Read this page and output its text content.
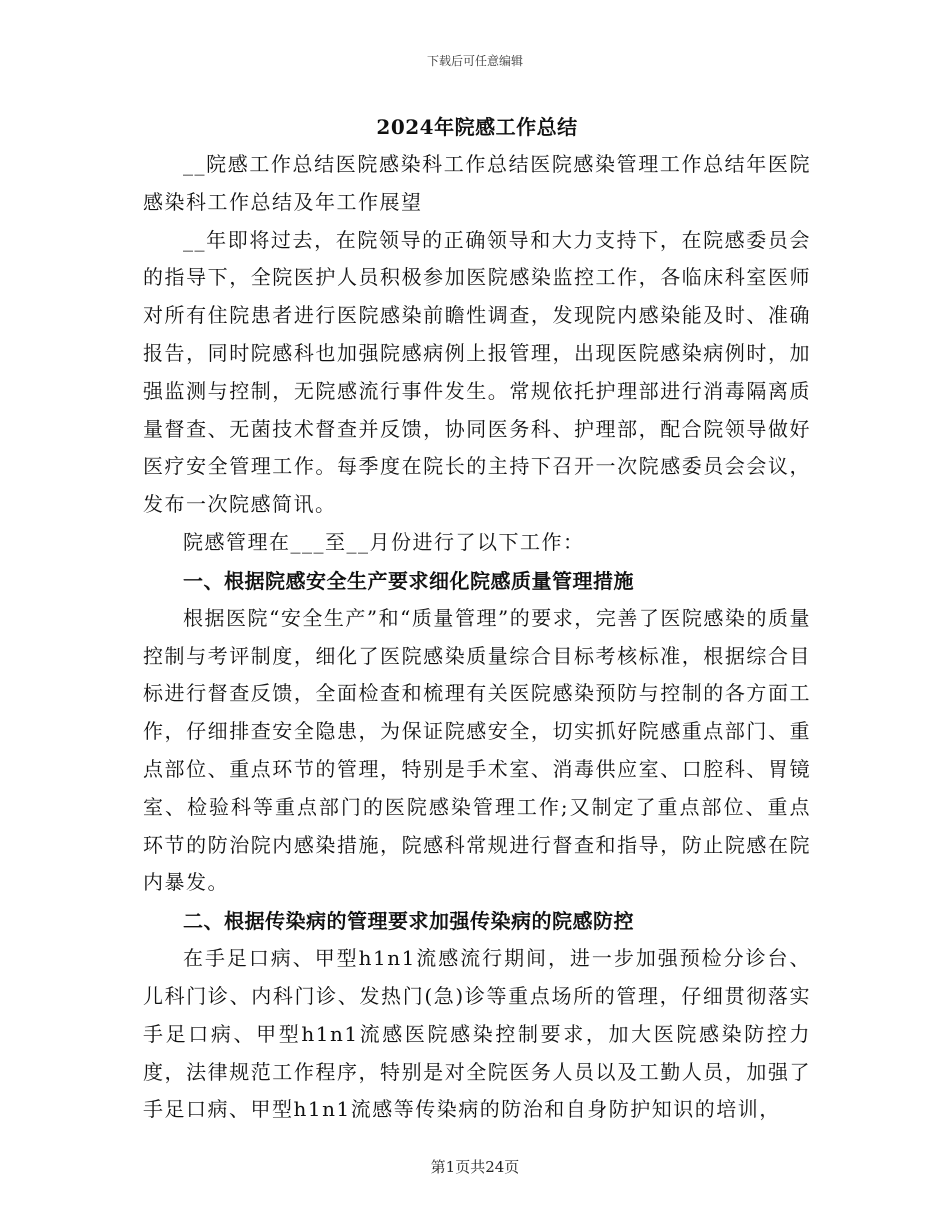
下载后可任意编辑

2024年院感工作总结

__院感工作总结医院感染科工作总结医院感染管理工作总结年医院感染科工作总结及年工作展望

__年即将过去，在院领导的正确领导和大力支持下，在院感委员会的指导下，全院医护人员积极参加医院感染监控工作，各临床科室医师对所有住院患者进行医院感染前瞻性调查，发现院内感染能及时、准确报告，同时院感科也加强院感病例上报管理，出现医院感染病例时，加强监测与控制，无院感流行事件发生。常规依托护理部进行消毒隔离质量督查、无菌技术督查并反馈，协同医务科、护理部，配合院领导做好医疗安全管理工作。每季度在院长的主持下召开一次院感委员会会议，发布一次院感简讯。

院感管理在___至__月份进行了以下工作：

一、根据院感安全生产要求细化院感质量管理措施

根据医院“安全生产”和“质量管理”的要求，完善了医院感染的质量控制与考评制度，细化了医院感染质量综合目标考核标准，根据综合目标进行督查反馈，全面检查和梳理有关医院感染预防与控制的各方面工作，仔细排查安全隐患，为保证院感安全，切实抓好院感重点部门、重点部位、重点环节的管理，特别是手术室、消毒供应室、口腔科、胃镜室、检验科等重点部门的医院感染管理工作;又制定了重点部位、重点环节的防治院内感染措施，院感科常规进行督查和指导，防止院感在院内暴发。

二、根据传染病的管理要求加强传染病的院感防控

在手足口病、甲型h1n1流感流行期间，进一步加强预检分诊台、儿科门诊、内科门诊、发热门(急)诊等重点场所的管理，仔细贯彻落实手足口病、甲型h1n1流感医院感染控制要求，加大医院感染防控力度，法律规范工作程序，特别是对全院医务人员以及工勤人员，加强了手足口病、甲型h1n1流感等传染病的防治和自身防护知识的培训，

第1页共24页
